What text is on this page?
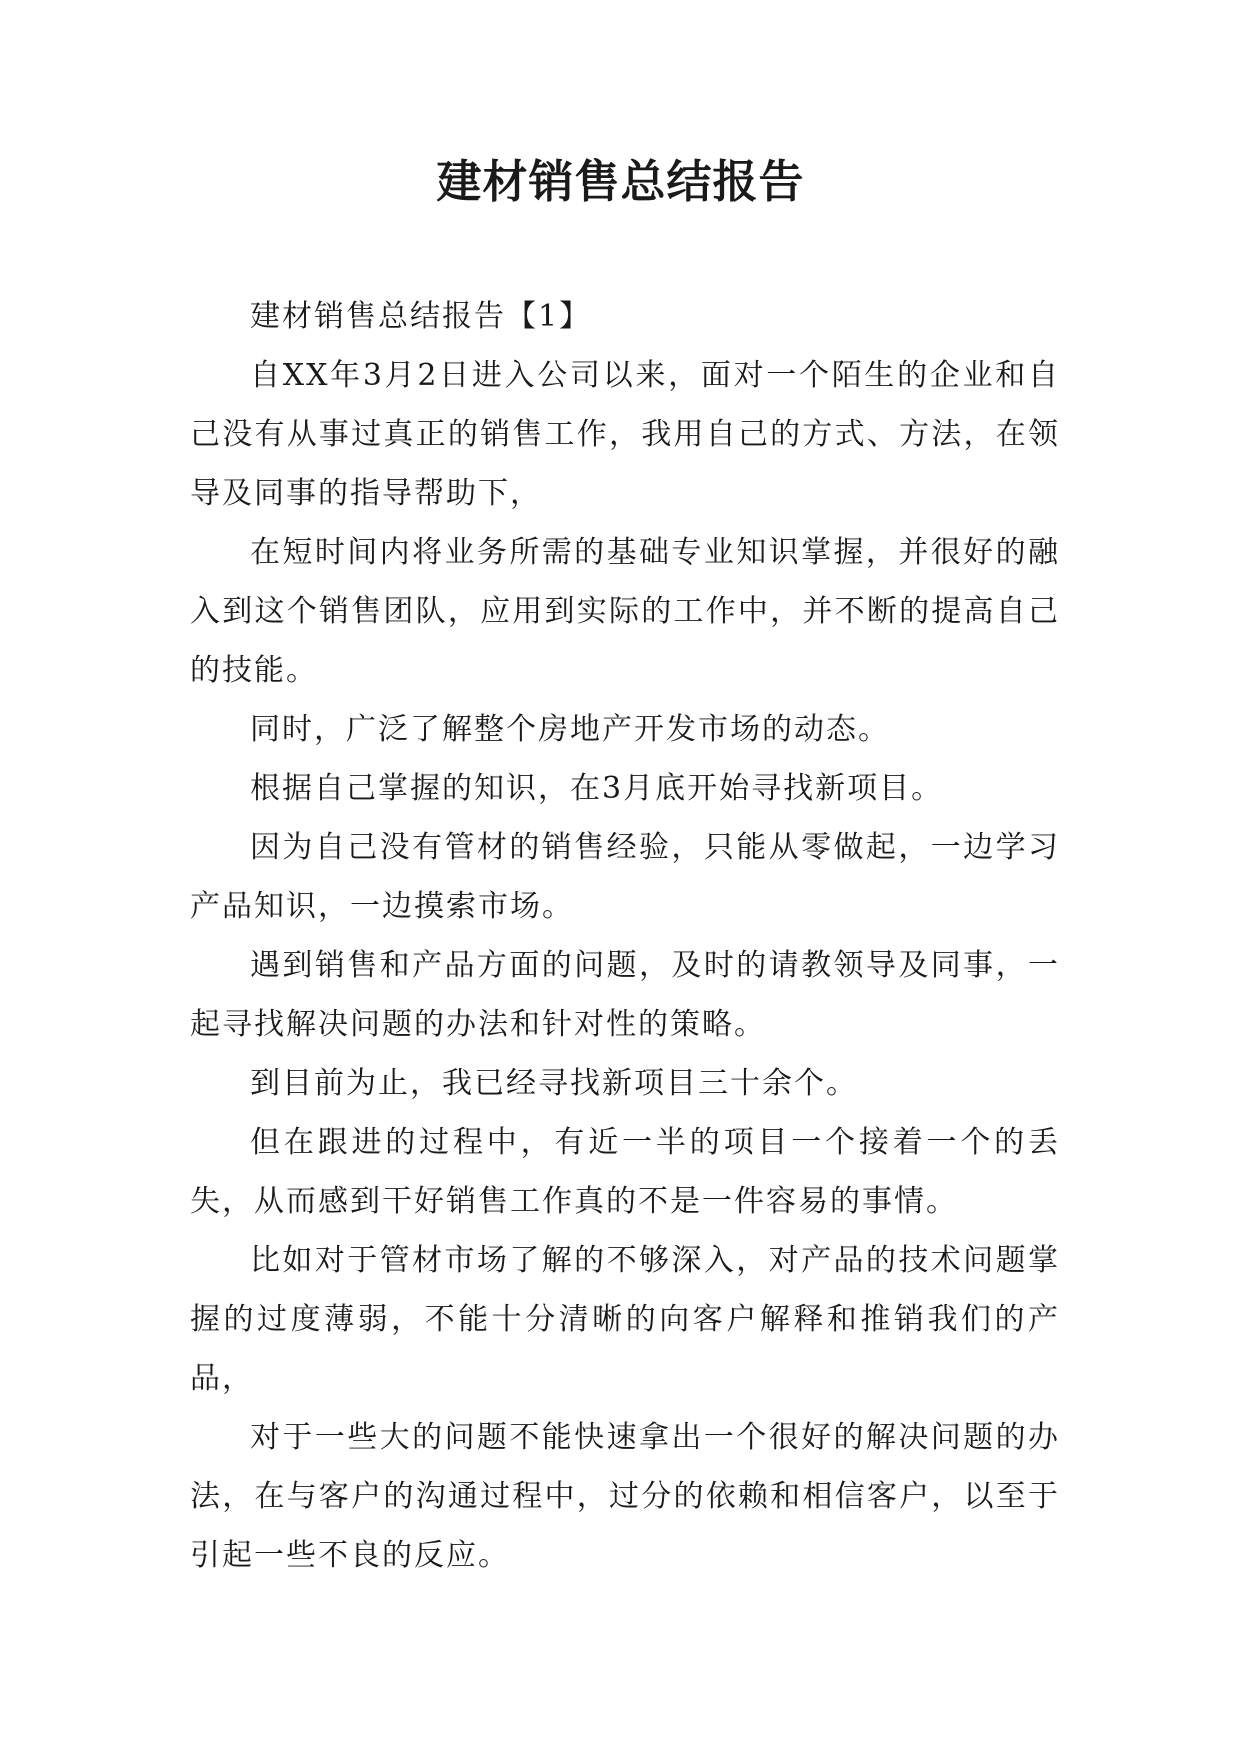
建材销售总结报告

建材销售总结报告【1】

自XX年3月2日进入公司以来，面对一个陌生的企业和自己没有从事过真正的销售工作，我用自己的方式、方法，在领导及同事的指导帮助下，

在短时间内将业务所需的基础专业知识掌握，并很好的融入到这个销售团队，应用到实际的工作中，并不断的提高自己的技能。

同时，广泛了解整个房地产开发市场的动态。

根据自己掌握的知识，在3月底开始寻找新项目。

因为自己没有管材的销售经验，只能从零做起，一边学习产品知识，一边摸索市场。

遇到销售和产品方面的问题，及时的请教领导及同事，一起寻找解决问题的办法和针对性的策略。

到目前为止，我已经寻找新项目三十余个。

但在跟进的过程中，有近一半的项目一个接着一个的丢失，从而感到干好销售工作真的不是一件容易的事情。

比如对于管材市场了解的不够深入，对产品的技术问题掌握的过度薄弱，不能十分清晰的向客户解释和推销我们的产品，

对于一些大的问题不能快速拿出一个很好的解决问题的办法，在与客户的沟通过程中，过分的依赖和相信客户，以至于引起一些不良的反应。
